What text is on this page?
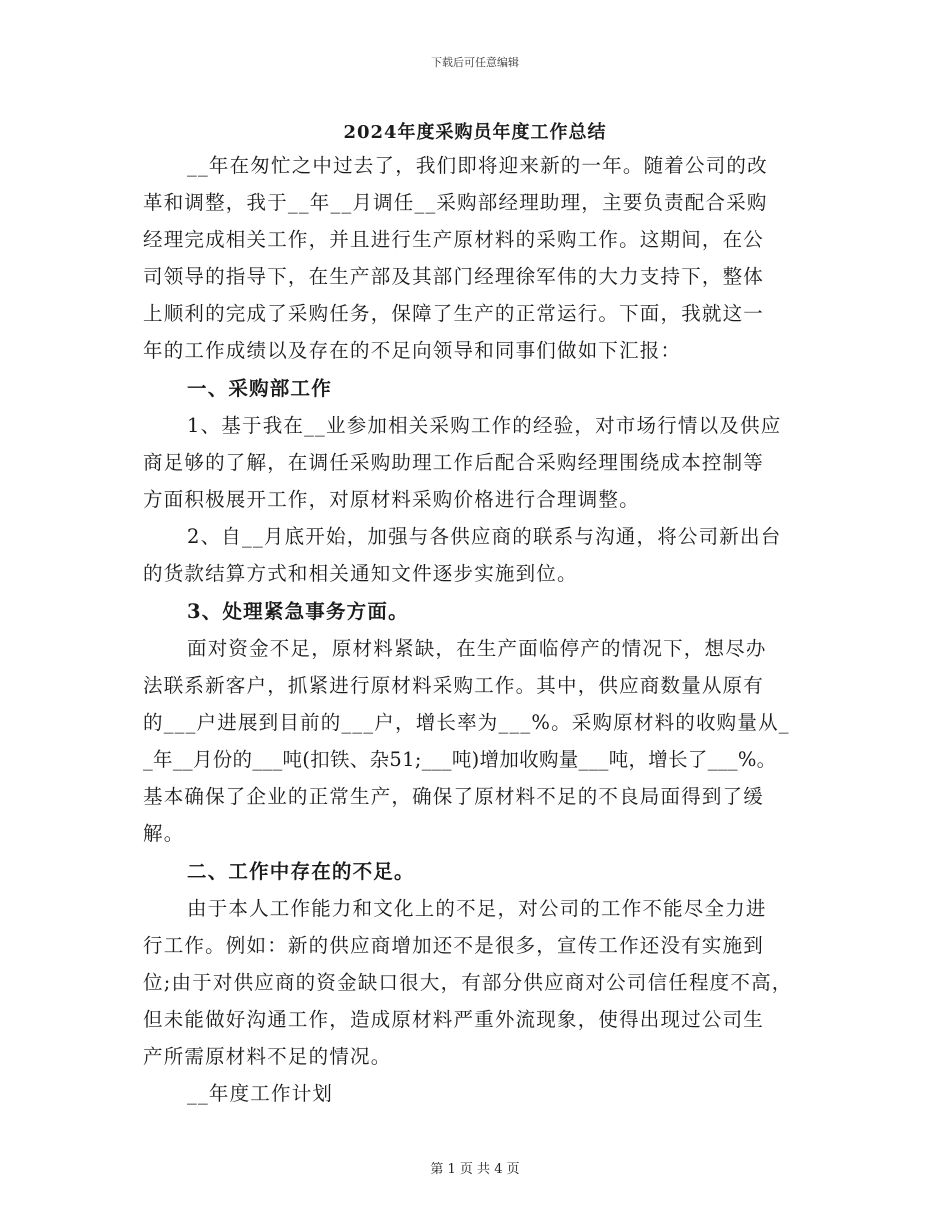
下载后可任意编辑
2024年度采购员年度工作总结
__年在匆忙之中过去了，我们即将迎来新的一年。随着公司的改
革和调整，我于__年__月调任__采购部经理助理，主要负责配合采购
经理完成相关工作，并且进行生产原材料的采购工作。这期间，在公
司领导的指导下，在生产部及其部门经理徐军伟的大力支持下，整体
上顺利的完成了采购任务，保障了生产的正常运行。下面，我就这一
年的工作成绩以及存在的不足向领导和同事们做如下汇报：
一、采购部工作
1、基于我在__业参加相关采购工作的经验，对市场行情以及供应
商足够的了解，在调任采购助理工作后配合采购经理围绕成本控制等
方面积极展开工作，对原材料采购价格进行合理调整。
2、自__月底开始，加强与各供应商的联系与沟通，将公司新出台
的货款结算方式和相关通知文件逐步实施到位。
3、处理紧急事务方面。
面对资金不足，原材料紧缺，在生产面临停产的情况下，想尽办
法联系新客户，抓紧进行原材料采购工作。其中，供应商数量从原有
的___户进展到目前的___户，增长率为___%。采购原材料的收购量从_
_年__月份的___吨(扣铁、杂51;___吨)增加收购量___吨，增长了___%。
基本确保了企业的正常生产，确保了原材料不足的不良局面得到了缓
解。
二、工作中存在的不足。
由于本人工作能力和文化上的不足，对公司的工作不能尽全力进
行工作。例如：新的供应商增加还不是很多，宣传工作还没有实施到
位;由于对供应商的资金缺口很大，有部分供应商对公司信任程度不高，
但未能做好沟通工作，造成原材料严重外流现象，使得出现过公司生
产所需原材料不足的情况。
__年度工作计划
第 1 页 共 4 页
